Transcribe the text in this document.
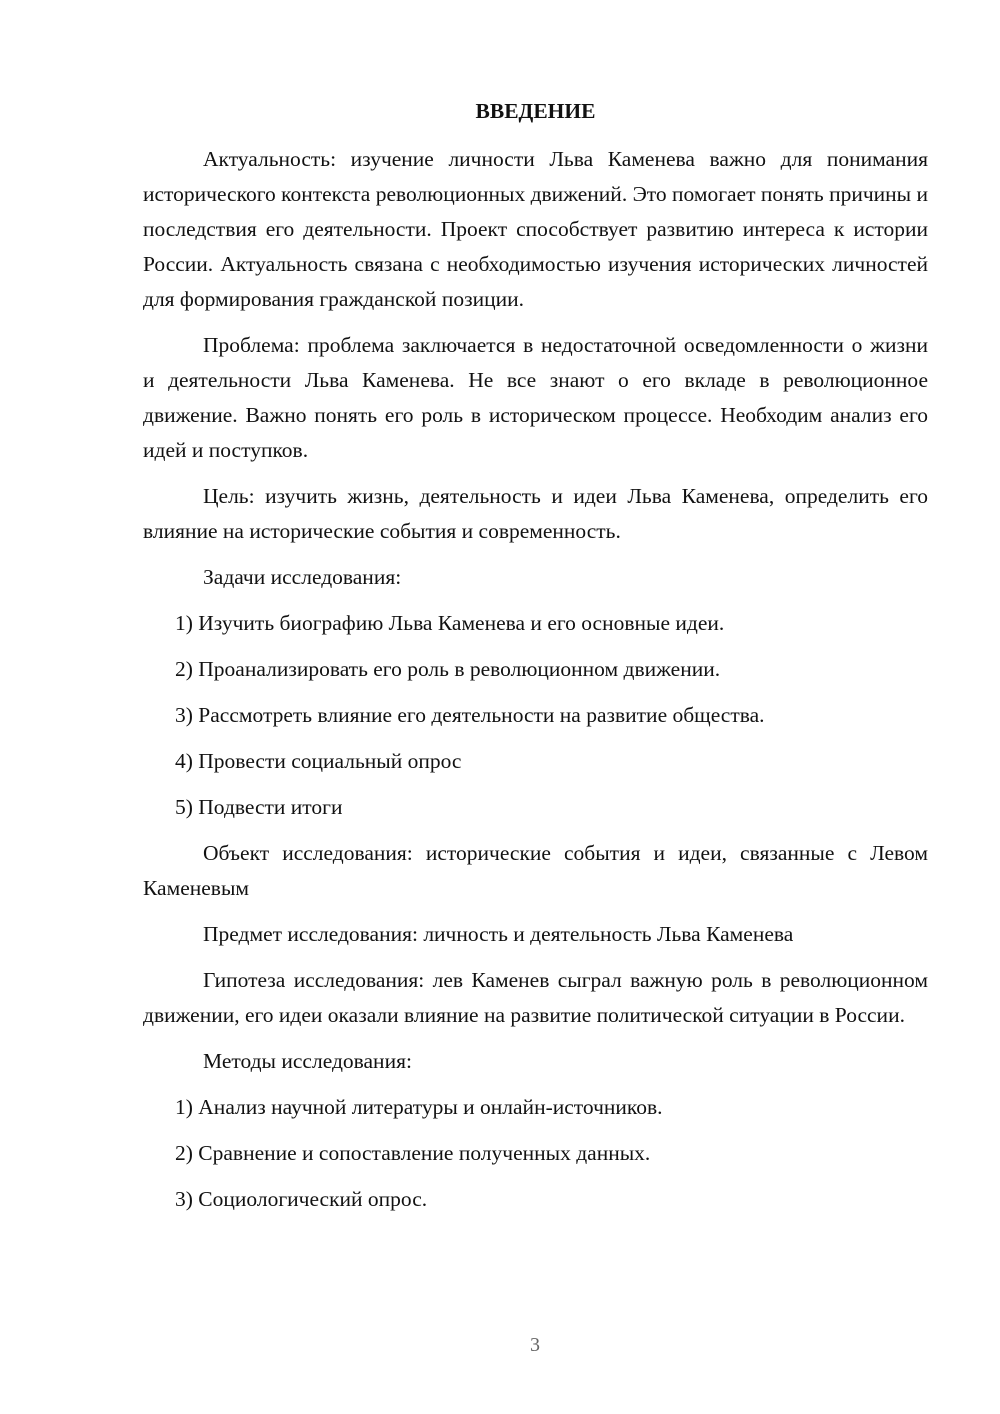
ВВЕДЕНИЕ

Актуальность: изучение личности Льва Каменева важно для понимания исторического контекста революционных движений. Это помогает понять причины и последствия его деятельности. Проект способствует развитию интереса к истории России. Актуальность связана с необходимостью изучения исторических личностей для формирования гражданской позиции.

Проблема: проблема заключается в недостаточной осведомленности о жизни и деятельности Льва Каменева. Не все знают о его вкладе в революционное движение. Важно понять его роль в историческом процессе. Необходим анализ его идей и поступков.

Цель: изучить жизнь, деятельность и идеи Льва Каменева, определить его влияние на исторические события и современность.

Задачи исследования:

1) Изучить биографию Льва Каменева и его основные идеи.

2) Проанализировать его роль в революционном движении.

3) Рассмотреть влияние его деятельности на развитие общества.

4) Провести социальный опрос

5) Подвести итоги

Объект исследования: исторические события и идеи, связанные с Левом Каменевым

Предмет исследования: личность и деятельность Льва Каменева

Гипотеза исследования: лев Каменев сыграл важную роль в революционном движении, его идеи оказали влияние на развитие политической ситуации в России.

Методы исследования:

1) Анализ научной литературы и онлайн-источников.

2) Сравнение и сопоставление полученных данных.

3) Социологический опрос.

3
